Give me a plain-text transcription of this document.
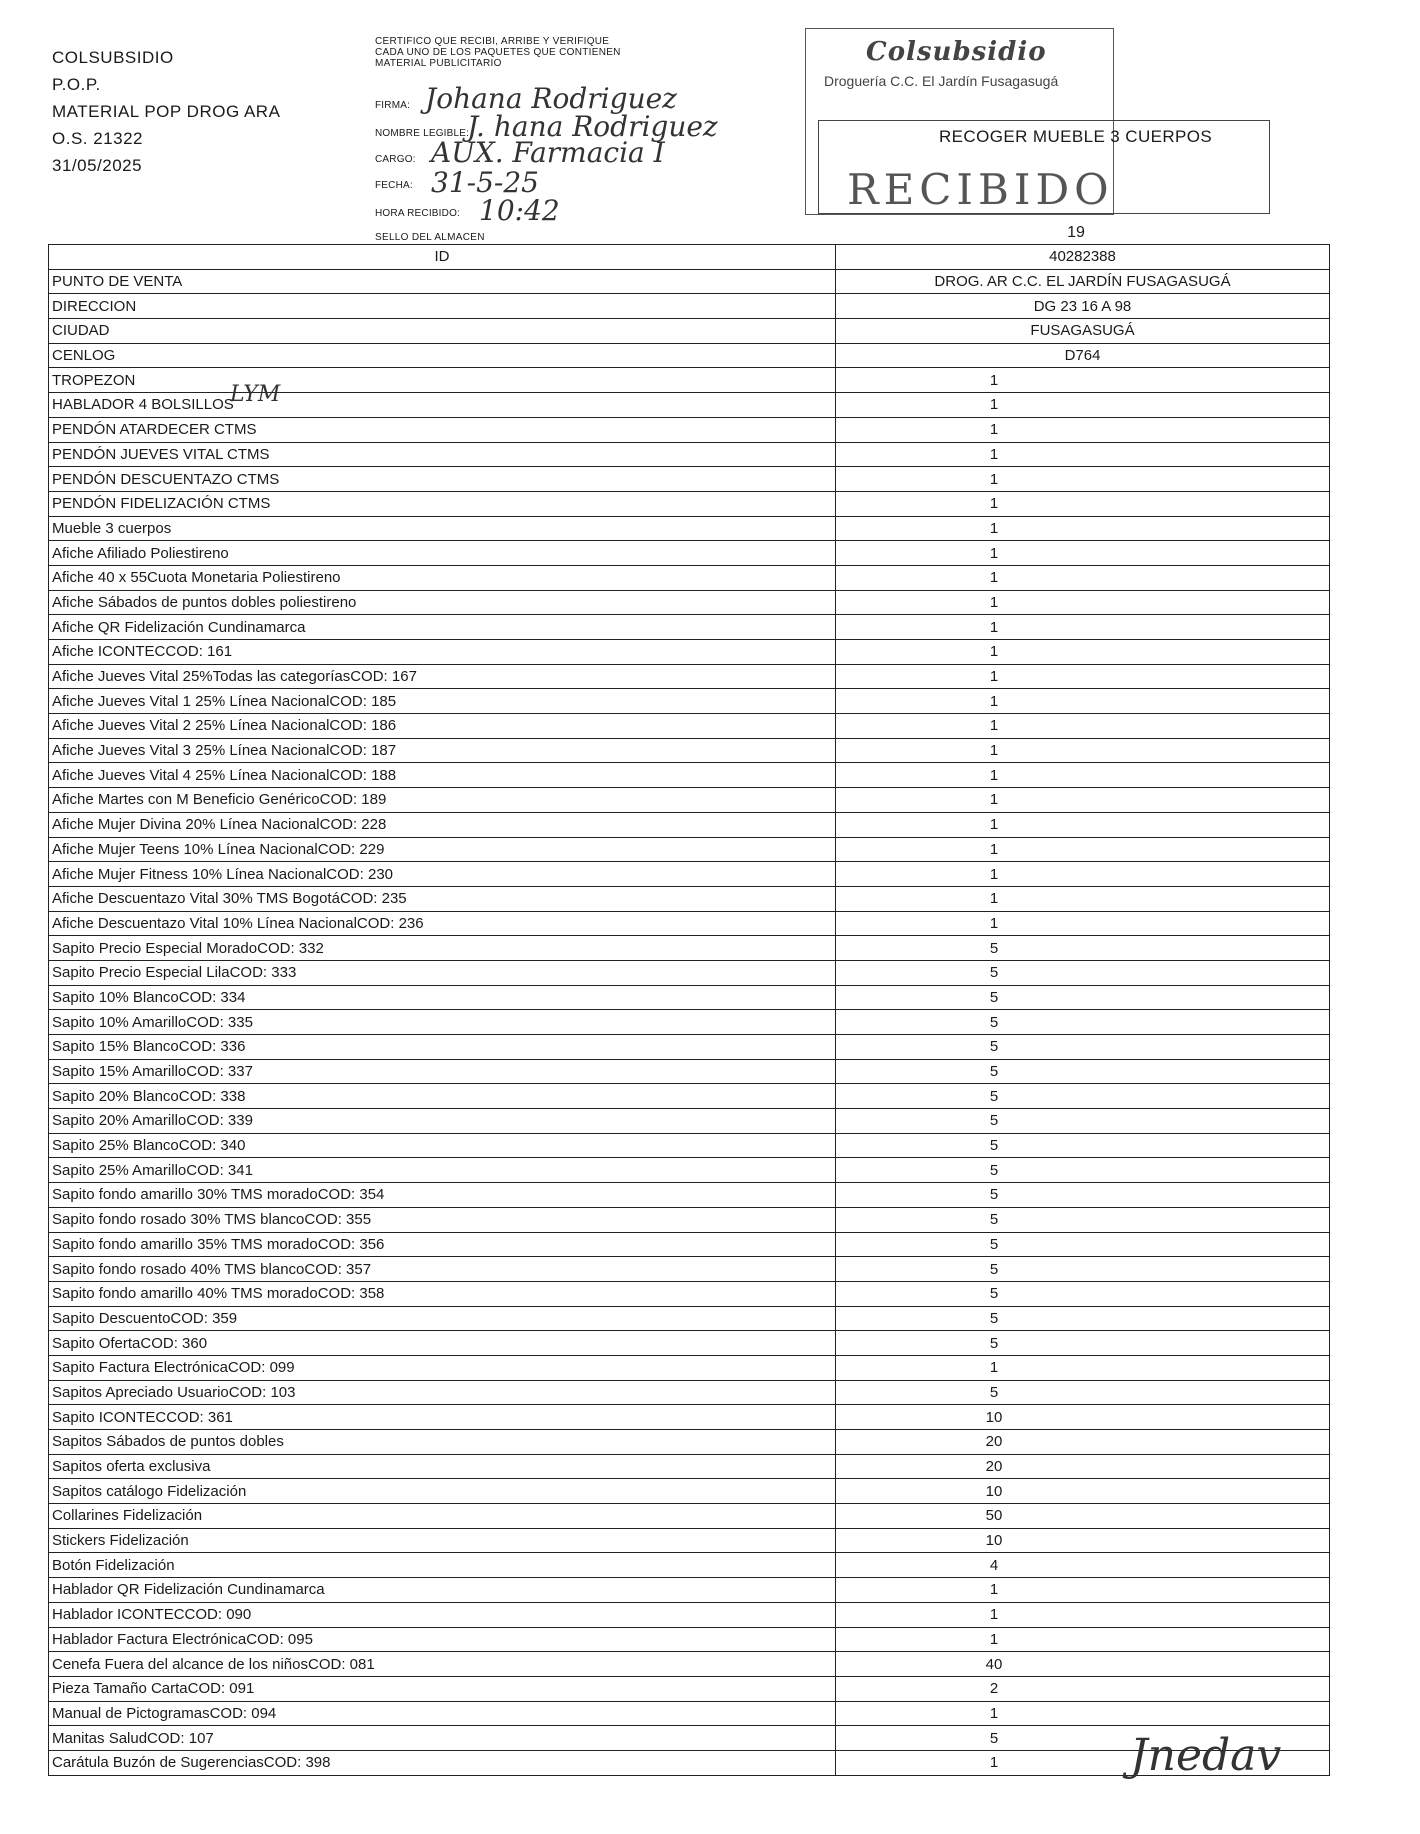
COLSUBSIDIO
P.O.P.
MATERIAL POP DROG ARA
O.S. 21322
31/05/2025
CERTIFICO QUE RECIBI, ARRIBE Y VERIFIQUE CADA UNO DE LOS PAQUETES QUE CONTIENEN MATERIAL PUBLICITARIO
FIRMA: Johana Rodriguez
NOMBRE LEGIBLE:
J. hana Rodriguez
CARGO: AUX. Farmacia I
FECHA: 31-5-25
HORA RECIBIDO: 10:42
SELLO DEL ALMACEN
Colsubsidio
Droguería C.C. El Jardín Fusagasugá
RECOGER MUEBLE 3 CUERPOS
RECIBIDO
19
ID	40282388
PUNTO DE VENTA	DROG. AR C.C. EL JARDÍN FUSAGASUGÁ
DIRECCION	DG 23 16 A 98
CIUDAD	FUSAGASUGÁ
CENLOG	D764
TROPEZON	1
HABLADOR 4 BOLSILLOS	1
PENDÓN ATARDECER CTMS	1
PENDÓN JUEVES VITAL CTMS	1
PENDÓN DESCUENTAZO CTMS	1
PENDÓN FIDELIZACIÓN CTMS	1
Mueble 3 cuerpos	1
Afiche Afiliado Poliestireno	1
Afiche 40 x 55Cuota Monetaria Poliestireno	1
Afiche Sábados de puntos dobles poliestireno	1
Afiche QR Fidelización Cundinamarca	1
Afiche ICONTECCOD: 161	1
Afiche Jueves Vital 25%Todas las categoríasCOD: 167	1
Afiche Jueves Vital 1 25% Línea NacionalCOD: 185	1
Afiche Jueves Vital 2 25% Línea NacionalCOD: 186	1
Afiche Jueves Vital 3 25% Línea NacionalCOD: 187	1
Afiche Jueves Vital 4 25% Línea NacionalCOD: 188	1
Afiche Martes con M Beneficio GenéricoCOD: 189	1
Afiche Mujer Divina 20% Línea NacionalCOD: 228	1
Afiche Mujer Teens 10% Línea NacionalCOD: 229	1
Afiche Mujer Fitness 10% Línea NacionalCOD: 230	1
Afiche Descuentazo Vital 30% TMS BogotáCOD: 235	1
Afiche Descuentazo Vital 10% Línea NacionalCOD: 236	1
Sapito Precio Especial MoradoCOD: 332	5
Sapito Precio Especial LilaCOD: 333	5
Sapito 10% BlancoCOD: 334	5
Sapito 10% AmarilloCOD: 335	5
Sapito 15% BlancoCOD: 336	5
Sapito 15% AmarilloCOD: 337	5
Sapito 20% BlancoCOD: 338	5
Sapito 20% AmarilloCOD: 339	5
Sapito 25% BlancoCOD: 340	5
Sapito 25% AmarilloCOD: 341	5
Sapito fondo amarillo 30% TMS moradoCOD: 354	5
Sapito fondo rosado 30% TMS blancoCOD: 355	5
Sapito fondo amarillo 35% TMS moradoCOD: 356	5
Sapito fondo rosado 40% TMS blancoCOD: 357	5
Sapito fondo amarillo 40% TMS moradoCOD: 358	5
Sapito DescuentoCOD: 359	5
Sapito OfertaCOD: 360	5
Sapito Factura ElectrónicaCOD: 099	1
Sapitos Apreciado UsuarioCOD: 103	5
Sapito ICONTECCOD: 361	10
Sapitos Sábados de puntos dobles	20
Sapitos oferta exclusiva	20
Sapitos catálogo Fidelización	10
Collarines Fidelización	50
Stickers Fidelización	10
Botón Fidelización	4
Hablador QR Fidelización Cundinamarca	1
Hablador ICONTECCOD: 090	1
Hablador Factura ElectrónicaCOD: 095	1
Cenefa Fuera del alcance de los niñosCOD: 081	40
Pieza Tamaño CartaCOD: 091	2
Manual de PictogramasCOD: 094	1
Manitas SaludCOD: 107	5
Carátula Buzón de SugerenciasCOD: 398	1
LYM
Jnedav
